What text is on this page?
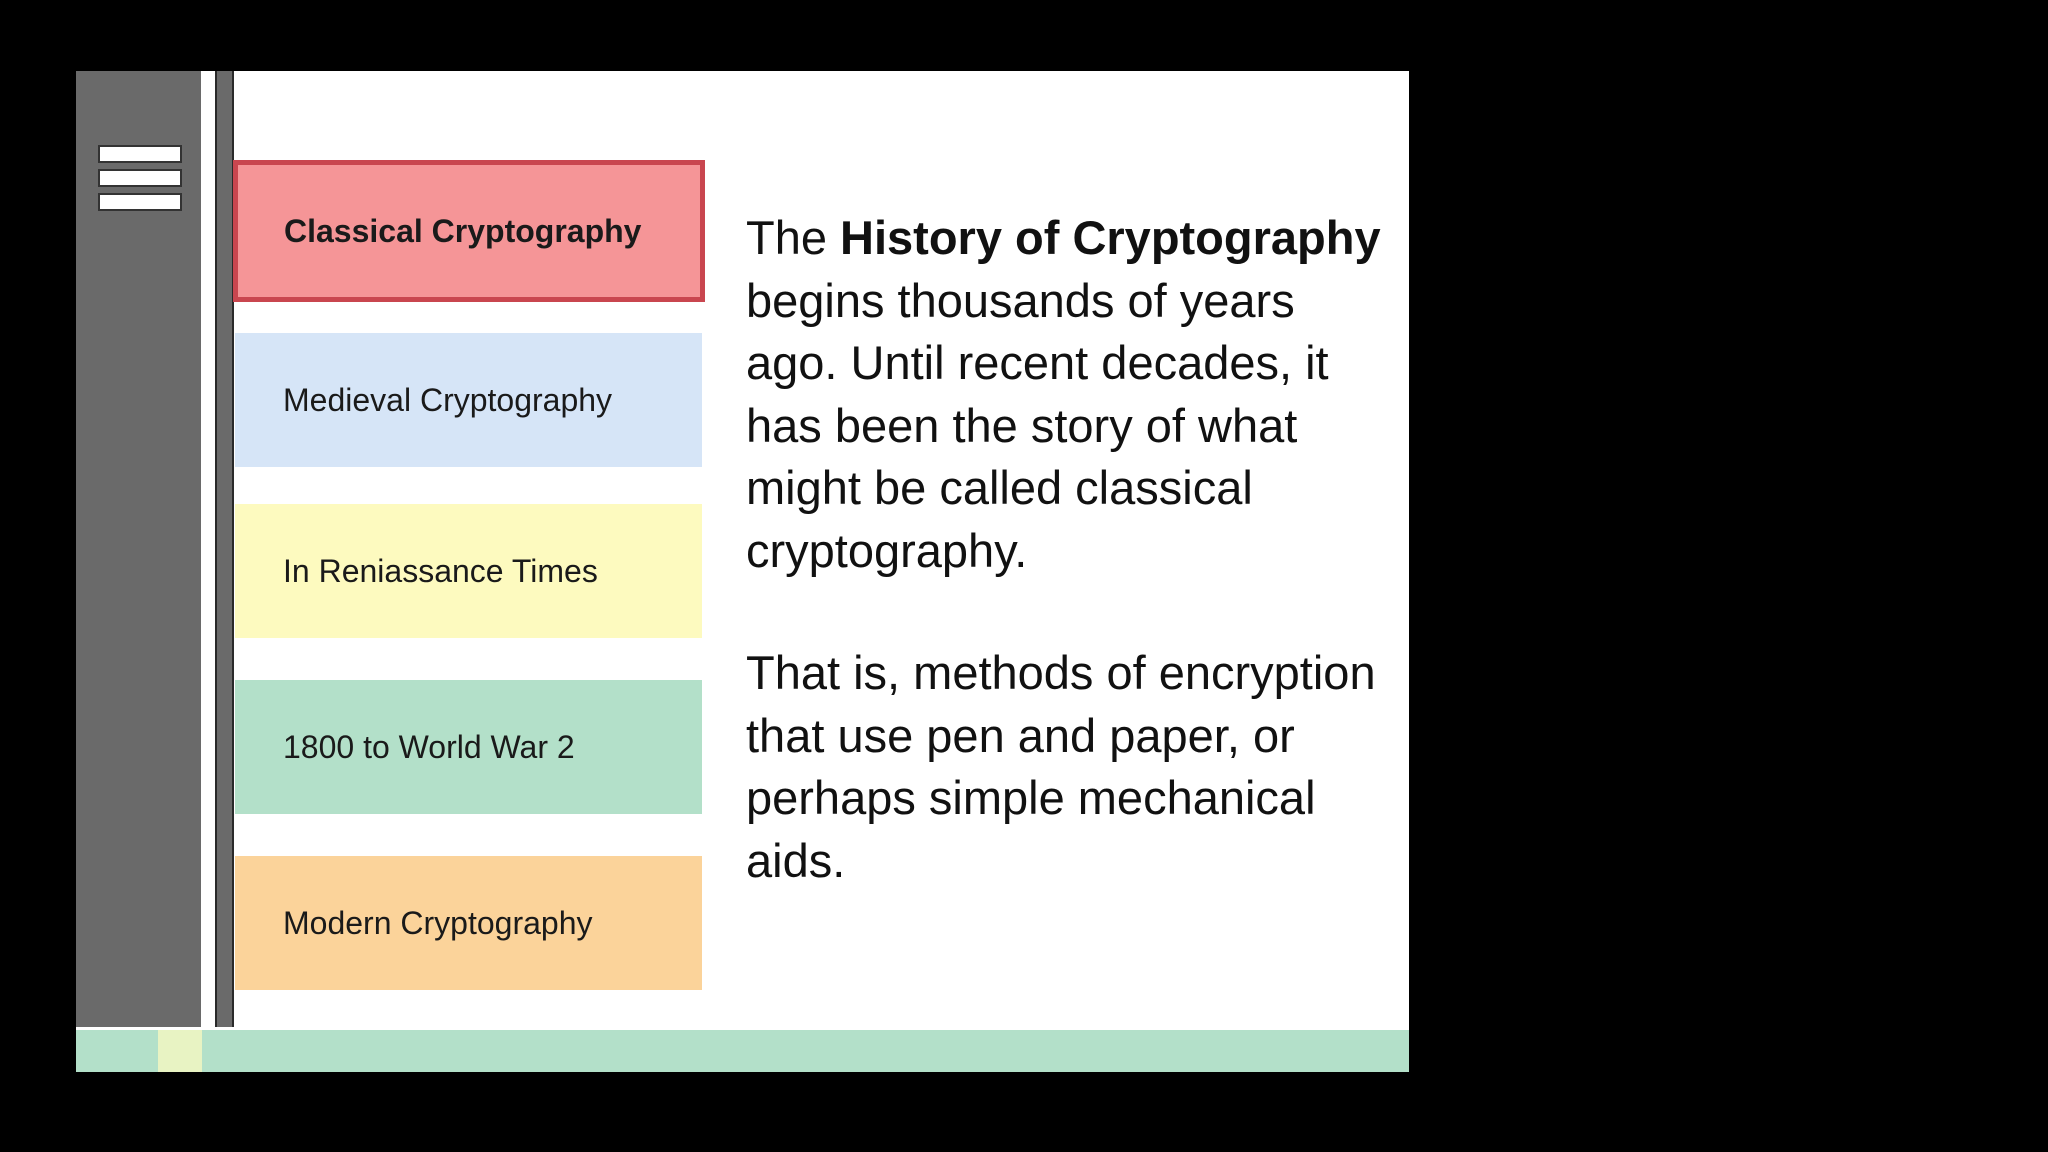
Classical Cryptography
Medieval Cryptography
In Reniassance Times
1800 to World War 2
Modern Cryptography

The History of Cryptography begins thousands of years ago. Until recent decades, it has been the story of what might be called classical cryptography.

That is, methods of encryption that use pen and paper, or perhaps simple mechanical aids.
